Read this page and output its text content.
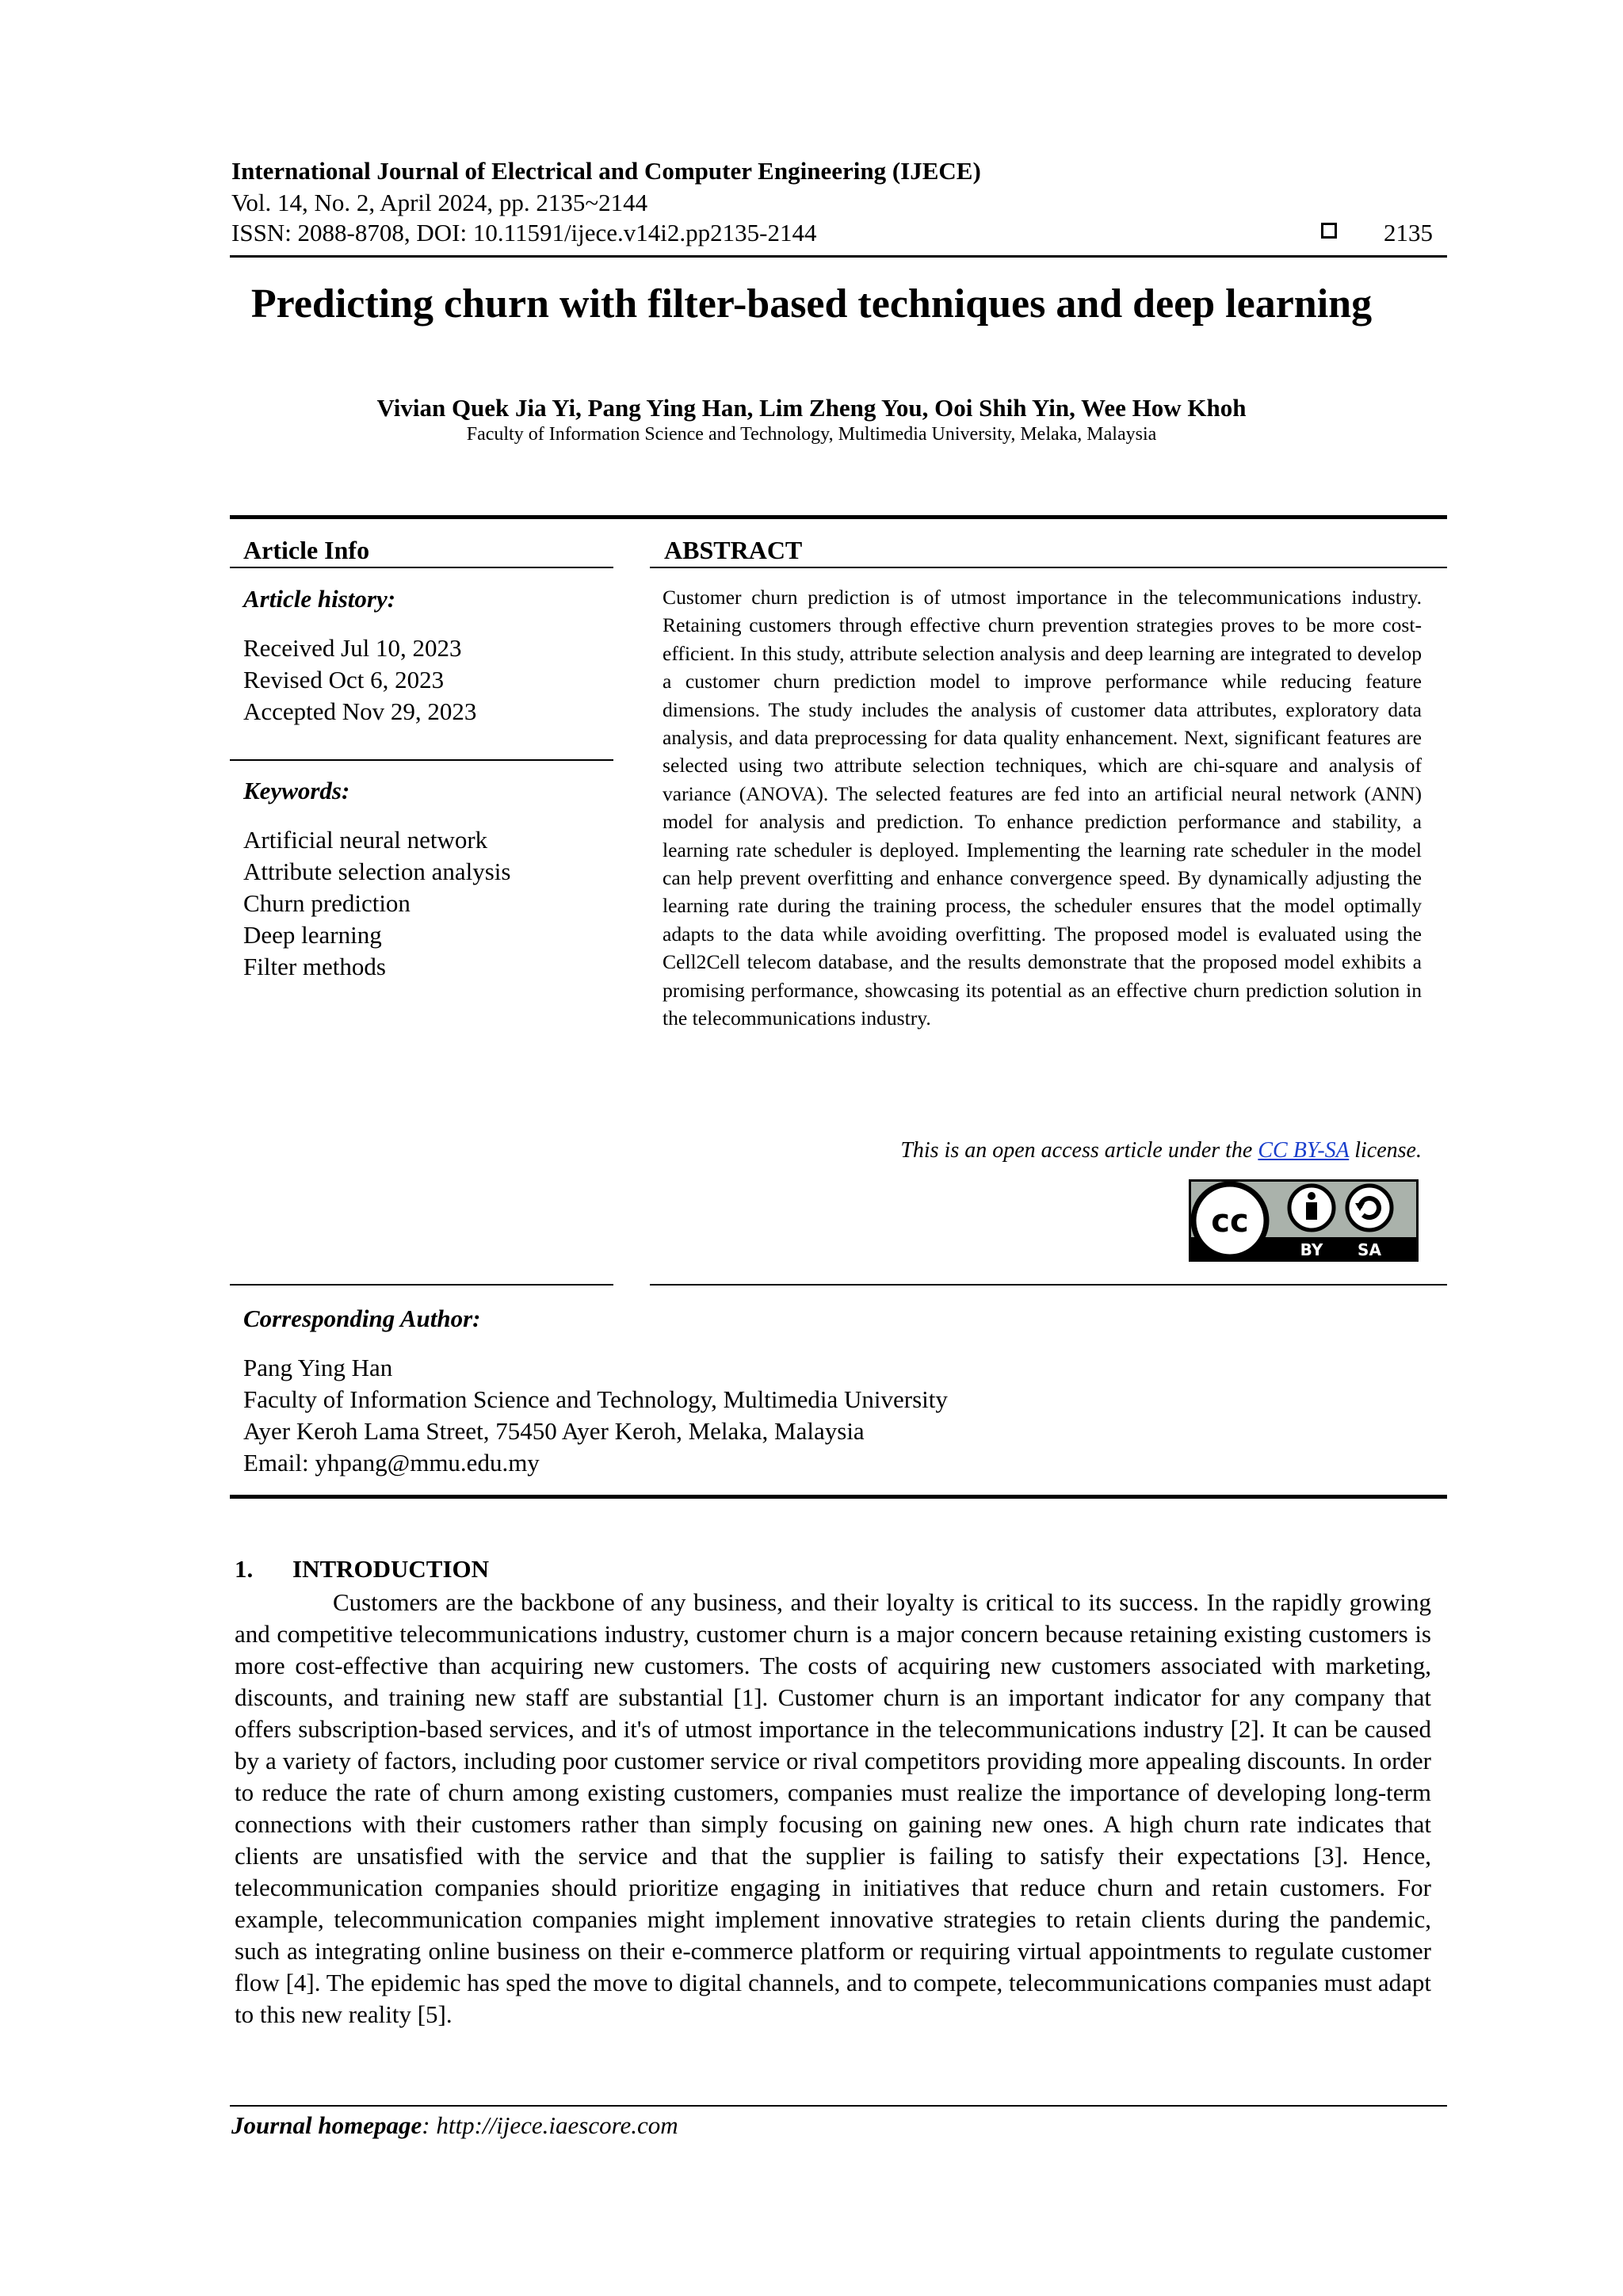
International Journal of Electrical and Computer Engineering (IJECE)
Vol. 14, No. 2, April 2024, pp. 2135~2144
ISSN: 2088-8708, DOI: 10.11591/ijece.v14i2.pp2135-2144	2135
Predicting churn with filter-based techniques and deep learning
Vivian Quek Jia Yi, Pang Ying Han, Lim Zheng You, Ooi Shih Yin, Wee How Khoh
Faculty of Information Science and Technology, Multimedia University, Melaka, Malaysia
Article Info
Article history:
Received Jul 10, 2023
Revised Oct 6, 2023
Accepted Nov 29, 2023
Keywords:
Artificial neural network
Attribute selection analysis
Churn prediction
Deep learning
Filter methods
ABSTRACT
Customer churn prediction is of utmost importance in the telecommunications industry. Retaining customers through effective churn prevention strategies proves to be more cost-efficient. In this study, attribute selection analysis and deep learning are integrated to develop a customer churn prediction model to improve performance while reducing feature dimensions. The study includes the analysis of customer data attributes, exploratory data analysis, and data preprocessing for data quality enhancement. Next, significant features are selected using two attribute selection techniques, which are chi-square and analysis of variance (ANOVA). The selected features are fed into an artificial neural network (ANN) model for analysis and prediction. To enhance prediction performance and stability, a learning rate scheduler is deployed. Implementing the learning rate scheduler in the model can help prevent overfitting and enhance convergence speed. By dynamically adjusting the learning rate during the training process, the scheduler ensures that the model optimally adapts to the data while avoiding overfitting. The proposed model is evaluated using the Cell2Cell telecom database, and the results demonstrate that the proposed model exhibits a promising performance, showcasing its potential as an effective churn prediction solution in the telecommunications industry.
This is an open access article under the CC BY-SA license.
cc
BY SA
Corresponding Author:
Pang Ying Han
Faculty of Information Science and Technology, Multimedia University
Ayer Keroh Lama Street, 75450 Ayer Keroh, Melaka, Malaysia
Email: yhpang@mmu.edu.my
1. INTRODUCTION
Customers are the backbone of any business, and their loyalty is critical to its success. In the rapidly growing and competitive telecommunications industry, customer churn is a major concern because retaining existing customers is more cost-effective than acquiring new customers. The costs of acquiring new customers associated with marketing, discounts, and training new staff are substantial [1]. Customer churn is an important indicator for any company that offers subscription-based services, and it's of utmost importance in the telecommunications industry [2]. It can be caused by a variety of factors, including poor customer service or rival competitors providing more appealing discounts. In order to reduce the rate of churn among existing customers, companies must realize the importance of developing long-term connections with their customers rather than simply focusing on gaining new ones. A high churn rate indicates that clients are unsatisfied with the service and that the supplier is failing to satisfy their expectations [3]. Hence, telecommunication companies should prioritize engaging in initiatives that reduce churn and retain customers. For example, telecommunication companies might implement innovative strategies to retain clients during the pandemic, such as integrating online business on their e-commerce platform or requiring virtual appointments to regulate customer flow [4]. The epidemic has sped the move to digital channels, and to compete, telecommunications companies must adapt to this new reality [5].
Journal homepage: http://ijece.iaescore.com
